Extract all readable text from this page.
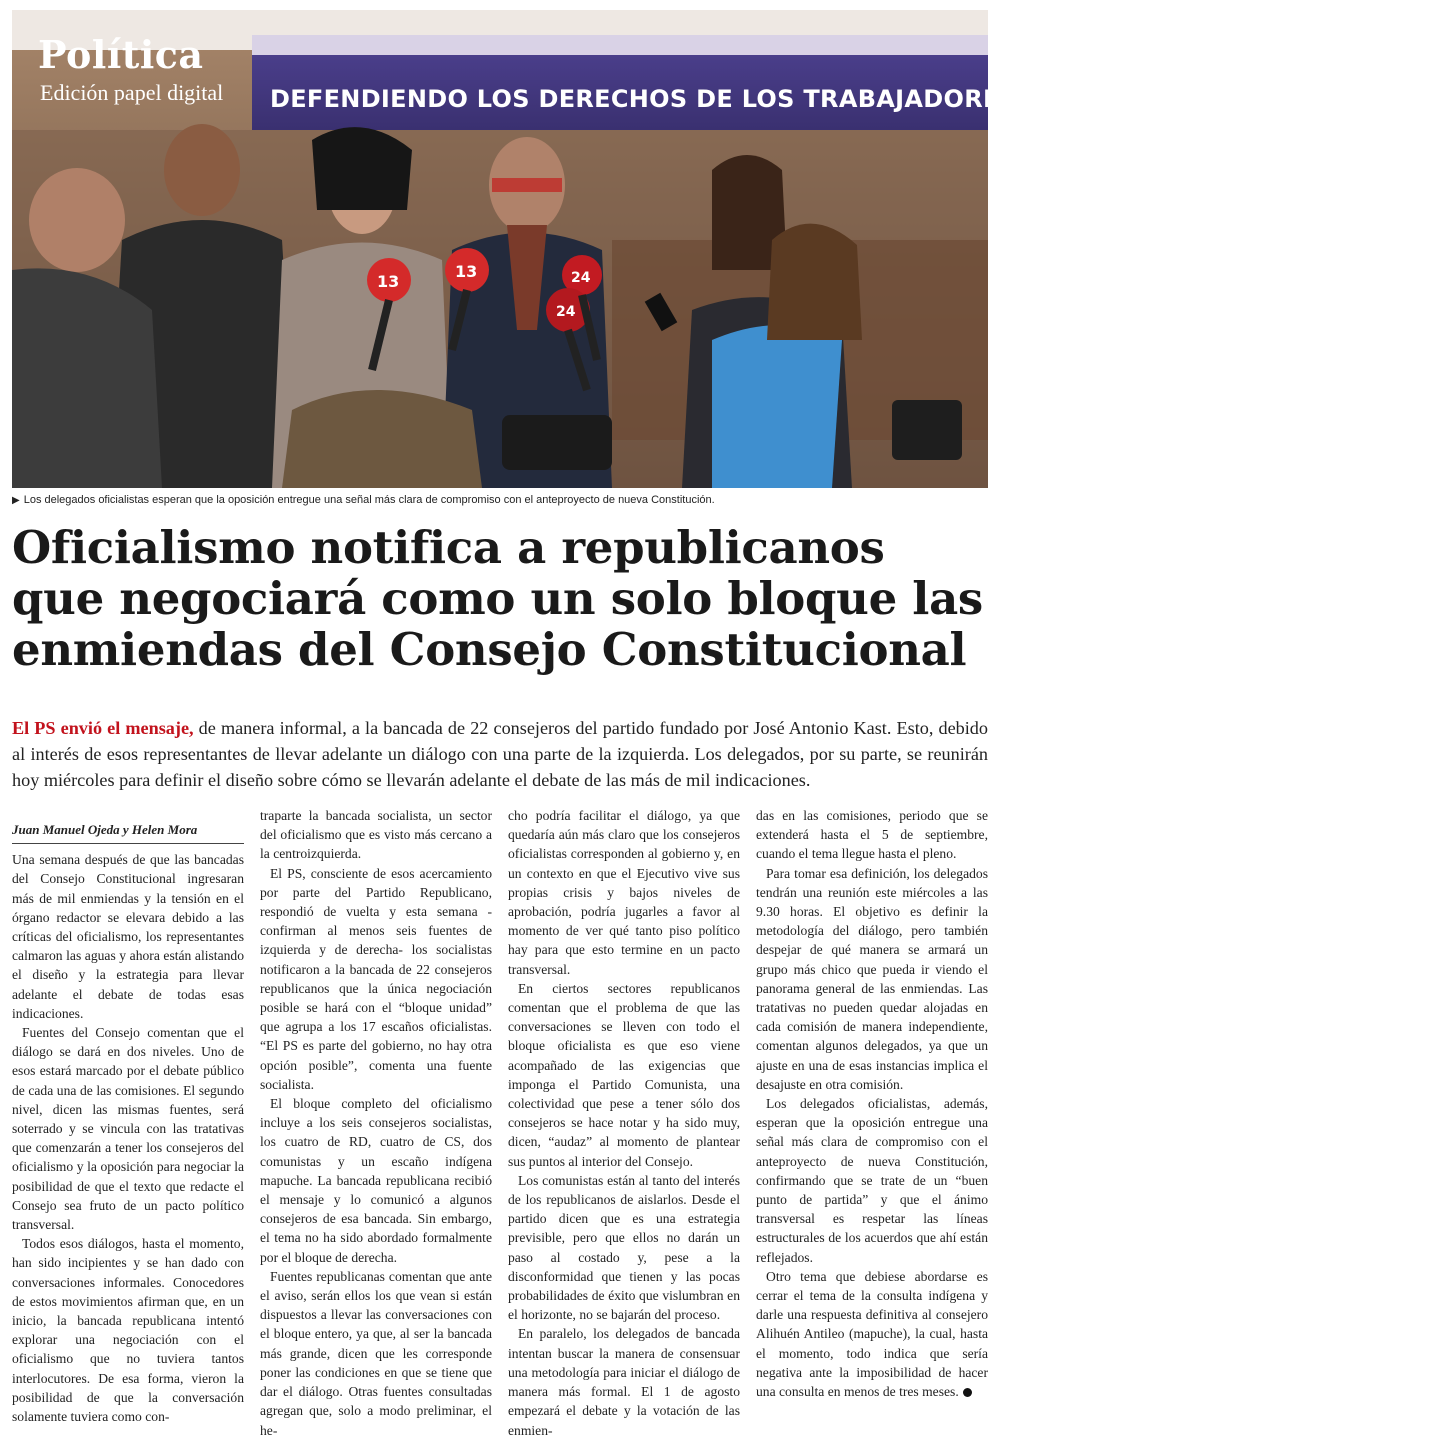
13
13	24
24
Política
Edición papel digital DEFENDIENDO LOS DERECHOS DE LOS TRABAJADORES Y TRABAJADORAS DEL ESTADO
▶ Los delegados oficialistas esperan que la oposición entregue una señal más clara de compromiso con el anteproyecto de nueva Constitución.
Oficialismo notifica a republicanos que negociará como un solo bloque las enmiendas del Consejo Constitucional

El PS envió el mensaje, de manera informal, a la bancada de 22 consejeros del partido fundado por José Antonio Kast. Esto, debido al interés de esos representantes de llevar adelante un diálogo con una parte de la izquierda. Los delegados, por su parte, se reunirán hoy miércoles para definir el diseño sobre cómo se llevarán adelante el debate de las más de mil indicaciones.

Juan Manuel Ojeda y Helen Mora

Una semana después de que las bancadas del Consejo Constitucional ingresaran más de mil enmiendas y la tensión en el órgano redactor se elevara debido a las críticas del oficialismo, los representantes calmaron las aguas y ahora están alistando el diseño y la estrategia para llevar adelante el debate de todas esas indicaciones.

Fuentes del Consejo comentan que el diálogo se dará en dos niveles. Uno de esos estará marcado por el debate público de cada una de las comisiones. El segundo nivel, dicen las mismas fuentes, será soterrado y se vincula con las tratativas que comenzarán a tener los consejeros del oficialismo y la oposición para negociar la posibilidad de que el texto que redacte el Consejo sea fruto de un pacto político transversal.

Todos esos diálogos, hasta el momento, han sido incipientes y se han dado con conversaciones informales. Conocedores de estos movimientos afirman que, en un inicio, la bancada republicana intentó explorar una negociación con el oficialismo que no tuviera tantos interlocutores. De esa forma, vieron la posibilidad de que la conversación solamente tuviera como con-

traparte la bancada socialista, un sector del oficialismo que es visto más cercano a la centroizquierda.

El PS, consciente de esos acercamiento por parte del Partido Republicano, respondió de vuelta y esta semana -confirman al menos seis fuentes de izquierda y de derecha- los socialistas notificaron a la bancada de 22 consejeros republicanos que la única negociación posible se hará con el “bloque unidad” que agrupa a los 17 escaños oficialistas. “El PS es parte del gobierno, no hay otra opción posible”, comenta una fuente socialista.

El bloque completo del oficialismo incluye a los seis consejeros socialistas, los cuatro de RD, cuatro de CS, dos comunistas y un escaño indígena mapuche. La bancada republicana recibió el mensaje y lo comunicó a algunos consejeros de esa bancada. Sin embargo, el tema no ha sido abordado formalmente por el bloque de derecha.

Fuentes republicanas comentan que ante el aviso, serán ellos los que vean si están dispuestos a llevar las conversaciones con el bloque entero, ya que, al ser la bancada más grande, dicen que les corresponde poner las condiciones en que se tiene que dar el diálogo. Otras fuentes consultadas agregan que, solo a modo preliminar, el he-

cho podría facilitar el diálogo, ya que quedaría aún más claro que los consejeros oficialistas corresponden al gobierno y, en un contexto en que el Ejecutivo vive sus propias crisis y bajos niveles de aprobación, podría jugarles a favor al momento de ver qué tanto piso político hay para que esto termine en un pacto transversal.

En ciertos sectores republicanos comentan que el problema de que las conversaciones se lleven con todo el bloque oficialista es que eso viene acompañado de las exigencias que imponga el Partido Comunista, una colectividad que pese a tener sólo dos consejeros se hace notar y ha sido muy, dicen, “audaz” al momento de plantear sus puntos al interior del Consejo.

Los comunistas están al tanto del interés de los republicanos de aislarlos. Desde el partido dicen que es una estrategia previsible, pero que ellos no darán un paso al costado y, pese a la disconformidad que tienen y las pocas probabilidades de éxito que vislumbran en el horizonte, no se bajarán del proceso.

En paralelo, los delegados de bancada intentan buscar la manera de consensuar una metodología para iniciar el diálogo de manera más formal. El 1 de agosto empezará el debate y la votación de las enmien-

das en las comisiones, periodo que se extenderá hasta el 5 de septiembre, cuando el tema llegue hasta el pleno.

Para tomar esa definición, los delegados tendrán una reunión este miércoles a las 9.30 horas. El objetivo es definir la metodología del diálogo, pero también despejar de qué manera se armará un grupo más chico que pueda ir viendo el panorama general de las enmiendas. Las tratativas no pueden quedar alojadas en cada comisión de manera independiente, comentan algunos delegados, ya que un ajuste en una de esas instancias implica el desajuste en otra comisión.

Los delegados oficialistas, además, esperan que la oposición entregue una señal más clara de compromiso con el anteproyecto de nueva Constitución, confirmando que se trate de un “buen punto de partida” y que el ánimo transversal es respetar las líneas estructurales de los acuerdos que ahí están reflejados.

Otro tema que debiese abordarse es cerrar el tema de la consulta indígena y darle una respuesta definitiva al consejero Alihuén Antileo (mapuche), la cual, hasta el momento, todo indica que sería negativa ante la imposibilidad de hacer una consulta en menos de tres meses.
